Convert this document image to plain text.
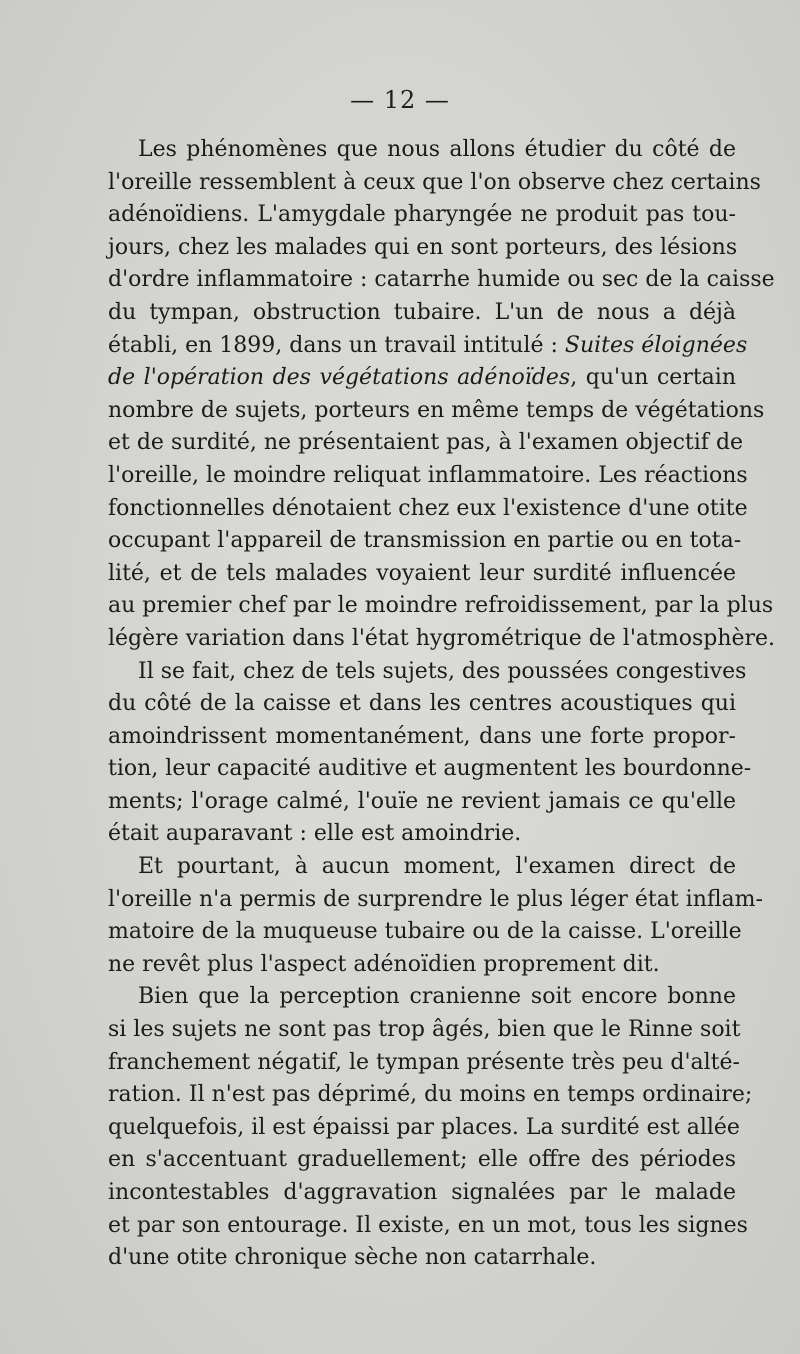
— 12 —
Les phénomènes que nous allons étudier du côté de
l'oreille ressemblent à ceux que l'on observe chez certains
adénoïdiens. L'amygdale pharyngée ne produit pas tou-
jours, chez les malades qui en sont porteurs, des lésions
d'ordre inflammatoire : catarrhe humide ou sec de la caisse
du tympan, obstruction tubaire. L'un de nous a déjà
établi, en 1899, dans un travail intitulé : Suites éloignées
de l'opération des végétations adénoïdes, qu'un certain
nombre de sujets, porteurs en même temps de végétations
et de surdité, ne présentaient pas, à l'examen objectif de
l'oreille, le moindre reliquat inflammatoire. Les réactions
fonctionnelles dénotaient chez eux l'existence d'une otite
occupant l'appareil de transmission en partie ou en tota-
lité, et de tels malades voyaient leur surdité influencée
au premier chef par le moindre refroidissement, par la plus
légère variation dans l'état hygrométrique de l'atmosphère.
Il se fait, chez de tels sujets, des poussées congestives
du côté de la caisse et dans les centres acoustiques qui
amoindrissent momentanément, dans une forte propor-
tion, leur capacité auditive et augmentent les bourdonne-
ments; l'orage calmé, l'ouïe ne revient jamais ce qu'elle
était auparavant : elle est amoindrie.
Et pourtant, à aucun moment, l'examen direct de
l'oreille n'a permis de surprendre le plus léger état inflam-
matoire de la muqueuse tubaire ou de la caisse. L'oreille
ne revêt plus l'aspect adénoïdien proprement dit.
Bien que la perception cranienne soit encore bonne
si les sujets ne sont pas trop âgés, bien que le Rinne soit
franchement négatif, le tympan présente très peu d'alté-
ration. Il n'est pas déprimé, du moins en temps ordinaire;
quelquefois, il est épaissi par places. La surdité est allée
en s'accentuant graduellement; elle offre des périodes
incontestables d'aggravation signalées par le malade
et par son entourage. Il existe, en un mot, tous les signes
d'une otite chronique sèche non catarrhale.
